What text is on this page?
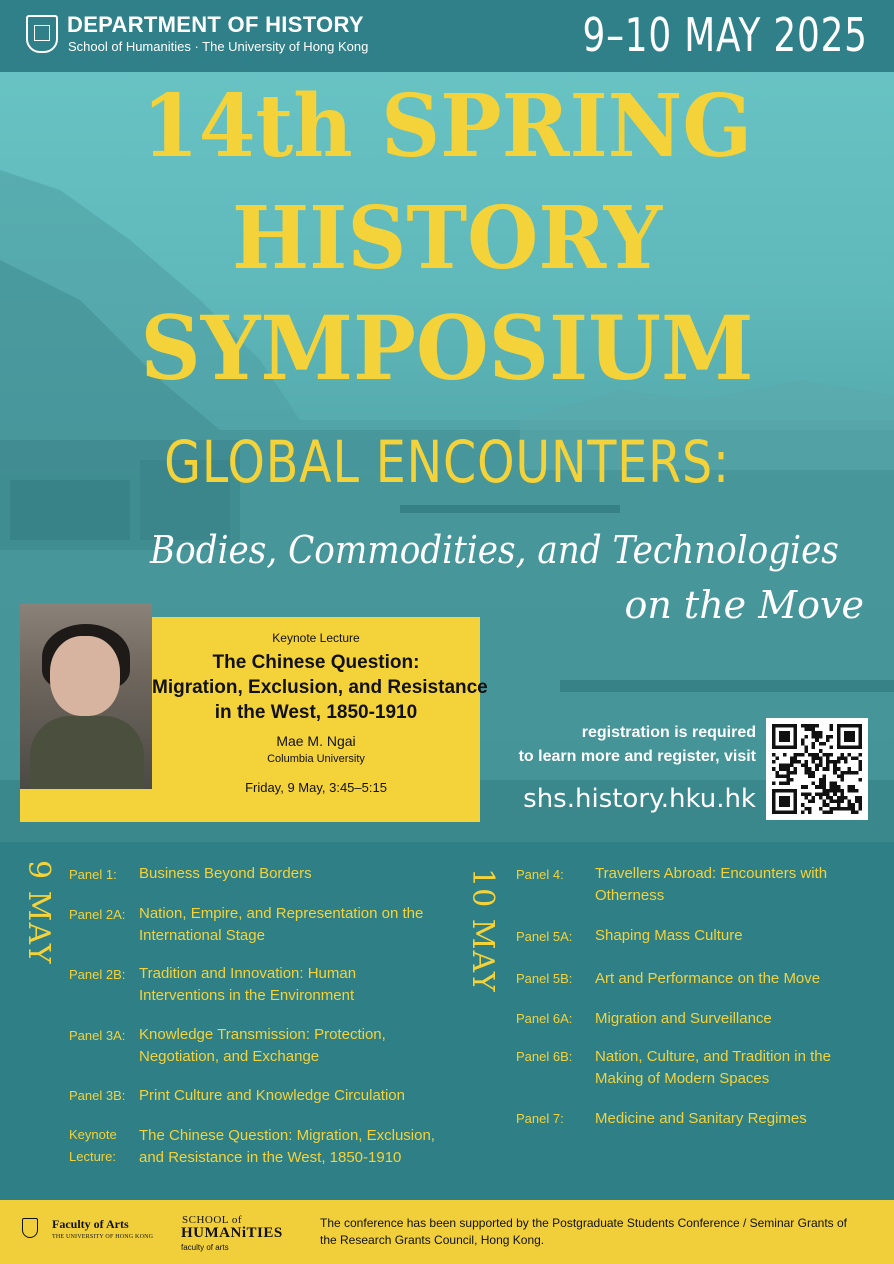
DEPARTMENT OF HISTORY
School of Humanities · The University of Hong Kong	9–10 MAY 2025
14th SPRING
HISTORY
SYMPOSIUM
GLOBAL ENCOUNTERS:
Bodies, Commodities, and Technologies
on the Move
Keynote Lecture
The Chinese Question:
Migration, Exclusion, and Resistance
in the West, 1850-1910
Mae M. Ngai
Columbia University
Friday, 9 May, 3:45–5:15
registration is required
to learn more and register, visit
shs.history.hku.hk
9 MAY	10 MAY
Panel 1:	Business Beyond Borders
Panel 2A: Nation, Empire, and Representation on the International Stage
Panel 2B: Tradition and Innovation: Human Interventions in the Environment
Panel 3A: Knowledge Transmission: Protection, Negotiation, and Exchange
Panel 3B: Print Culture and Knowledge Circulation
Keynote Lecture:
The Chinese Question: Migration, Exclusion, and Resistance in the West, 1850-1910
Panel 4:	Travellers Abroad: Encounters with Otherness
Panel 5A:	Shaping Mass Culture
Panel 5B:	Art and Performance on the Move
Panel 6A:	Migration and Surveillance
Panel 6B:	Nation, Culture, and Tradition in the Making of Modern Spaces
Panel 7:	Medicine and Sanitary Regimes
Faculty of Arts
THE UNIVERSITY OF HONG KONG
SCHOOL of
HUMANiTIES
faculty of arts
The conference has been supported by the Postgraduate Students Conference / Seminar Grants of the Research Grants Council, Hong Kong.
